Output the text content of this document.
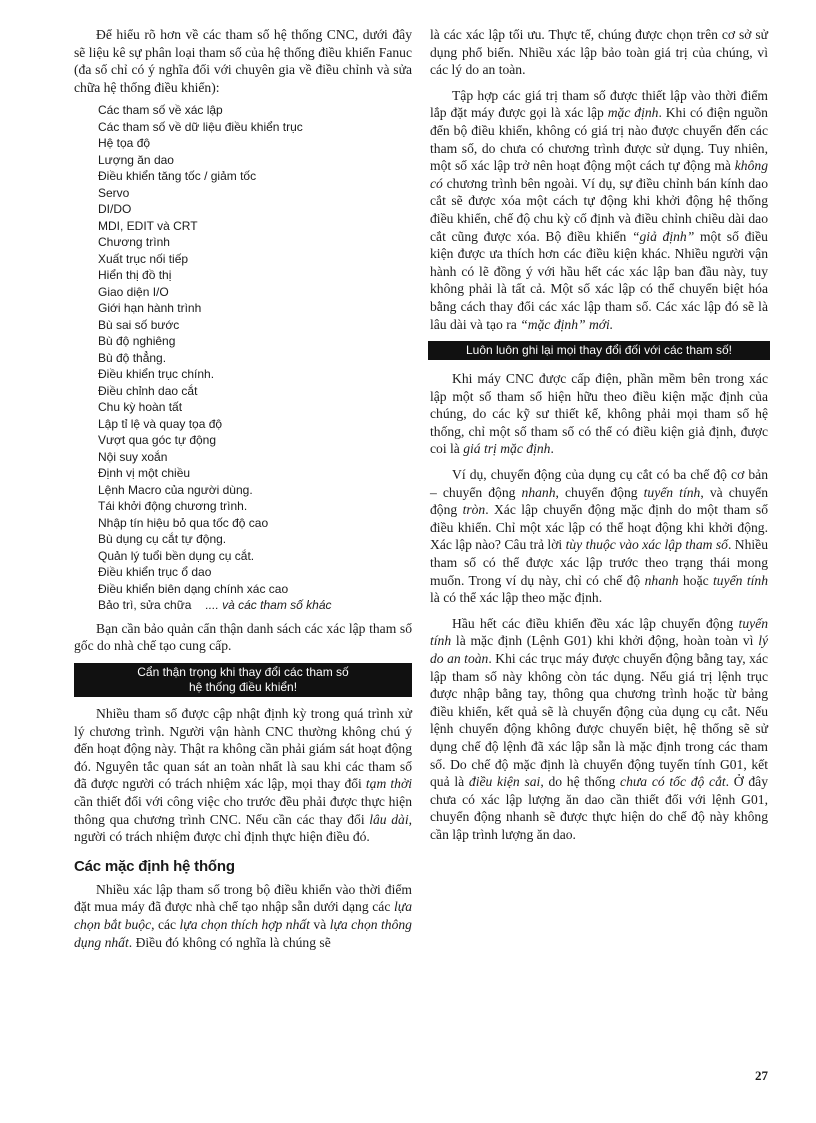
Để hiểu rõ hơn về các tham số hệ thống CNC, dưới đây sẽ liệu kê sự phân loại tham số của hệ thống điều khiển Fanuc (đa số chỉ có ý nghĩa đối với chuyên gia về điều chỉnh và sửa chữa hệ thống điều khiển):

Các tham số về xác lập
Các tham số về dữ liệu điều khiển trục
Hệ tọa độ
Lượng ăn dao
Điều khiển tăng tốc / giảm tốc
Servo
DI/DO
MDI, EDIT và CRT
Chương trình
Xuất trục nối tiếp
Hiển thị đồ thị
Giao diện I/O
Giới hạn hành trình
Bù sai số bước
Bù độ nghiêng
Bù độ thẳng.
Điều khiển trục chính.
Điều chỉnh dao cắt
Chu kỳ hoàn tất
Lập tỉ lệ và quay tọa độ
Vượt qua góc tự động
Nội suy xoắn
Định vị một chiều
Lệnh Macro của người dùng.
Tái khởi động chương trình.
Nhập tín hiệu bỏ qua tốc độ cao
Bù dụng cụ cắt tự động.
Quản lý tuổi bền dụng cụ cắt.
Điều khiển trục ổ dao
Điều khiển biên dạng chính xác cao
Bảo trì, sửa chữa .... và các tham số khác

Bạn cần bảo quản cẩn thận danh sách các xác lập tham số gốc do nhà chế tạo cung cấp.

Cẩn thận trọng khi thay đổi các tham số
hệ thống điều khiển!

Nhiều tham số được cập nhật định kỳ trong quá trình xử lý chương trình. Người vận hành CNC thường không chú ý đến hoạt động này. Thật ra không cần phải giám sát hoạt động đó. Nguyên tắc quan sát an toàn nhất là sau khi các tham số đã được người có trách nhiệm xác lập, mọi thay đổi tạm thời cần thiết đối với công việc cho trước đều phải được thực hiện thông qua chương trình CNC. Nếu cần các thay đổi lâu dài, người có trách nhiệm được chỉ định thực hiện điều đó.

Các mặc định hệ thống

Nhiều xác lập tham số trong bộ điều khiển vào thời điểm đặt mua máy đã được nhà chế tạo nhập sẵn dưới dạng các lựa chọn bắt buộc, các lựa chọn thích hợp nhất và lựa chọn thông dụng nhất. Điều đó không có nghĩa là chúng sẽ

là các xác lập tối ưu. Thực tế, chúng được chọn trên cơ sở sử dụng phổ biến. Nhiều xác lập bảo toàn giá trị của chúng, vì các lý do an toàn.

Tập hợp các giá trị tham số được thiết lập vào thời điểm lắp đặt máy được gọi là xác lập mặc định. Khi có điện nguồn đến bộ điều khiển, không có giá trị nào được chuyển đến các tham số, do chưa có chương trình được sử dụng. Tuy nhiên, một số xác lập trở nên hoạt động một cách tự động mà không có chương trình bên ngoài. Ví dụ, sự điều chỉnh bán kính dao cắt sẽ được xóa một cách tự động khi khởi động hệ thống điều khiển, chế độ chu kỳ cố định và điều chỉnh chiều dài dao cắt cũng được xóa. Bộ điều khiển “giả định” một số điều kiện được ưa thích hơn các điều kiện khác. Nhiều người vận hành có lẽ đồng ý với hầu hết các xác lập ban đầu này, tuy không phải là tất cả. Một số xác lập có thể chuyển biệt hóa bằng cách thay đổi các xác lập tham số. Các xác lập đó sẽ là lâu dài và tạo ra “mặc định” mới.

Luôn luôn ghi lại mọi thay đổi đối với các tham số!

Khi máy CNC được cấp điện, phần mềm bên trong xác lập một số tham số hiện hữu theo điều kiện mặc định của chúng, do các kỹ sư thiết kế, không phải mọi tham số hệ thống, chỉ một số tham số có thể có điều kiện giả định, được coi là giá trị mặc định.

Ví dụ, chuyển động của dụng cụ cắt có ba chế độ cơ bản – chuyển động nhanh, chuyển động tuyến tính, và chuyển động tròn. Xác lập chuyển động mặc định do một tham số điều khiển. Chỉ một xác lập có thể hoạt động khi khởi động. Xác lập nào? Câu trả lời tùy thuộc vào xác lập tham số. Nhiều tham số có thể được xác lập trước theo trạng thái mong muốn. Trong ví dụ này, chỉ có chế độ nhanh hoặc tuyến tính là có thể xác lập theo mặc định.

Hầu hết các điều khiển đều xác lập chuyển động tuyến tính là mặc định (Lệnh G01) khi khởi động, hoàn toàn vì lý do an toàn. Khi các trục máy được chuyển động bằng tay, xác lập tham số này không còn tác dụng. Nếu giá trị lệnh trục được nhập bằng tay, thông qua chương trình hoặc từ bảng điều khiển, kết quả sẽ là chuyển động của dụng cụ cắt. Nếu lệnh chuyển động không được chuyển biệt, hệ thống sẽ sử dụng chế độ lệnh đã xác lập sẵn là mặc định trong các tham số. Do chế độ mặc định là chuyển động tuyến tính G01, kết quả là điều kiện sai, do hệ thống chưa có tốc độ cắt. Ở đây chưa có xác lập lượng ăn dao cần thiết đối với lệnh G01, chuyển động nhanh sẽ được thực hiện do chế độ này không cần lập trình lượng ăn dao.

27
